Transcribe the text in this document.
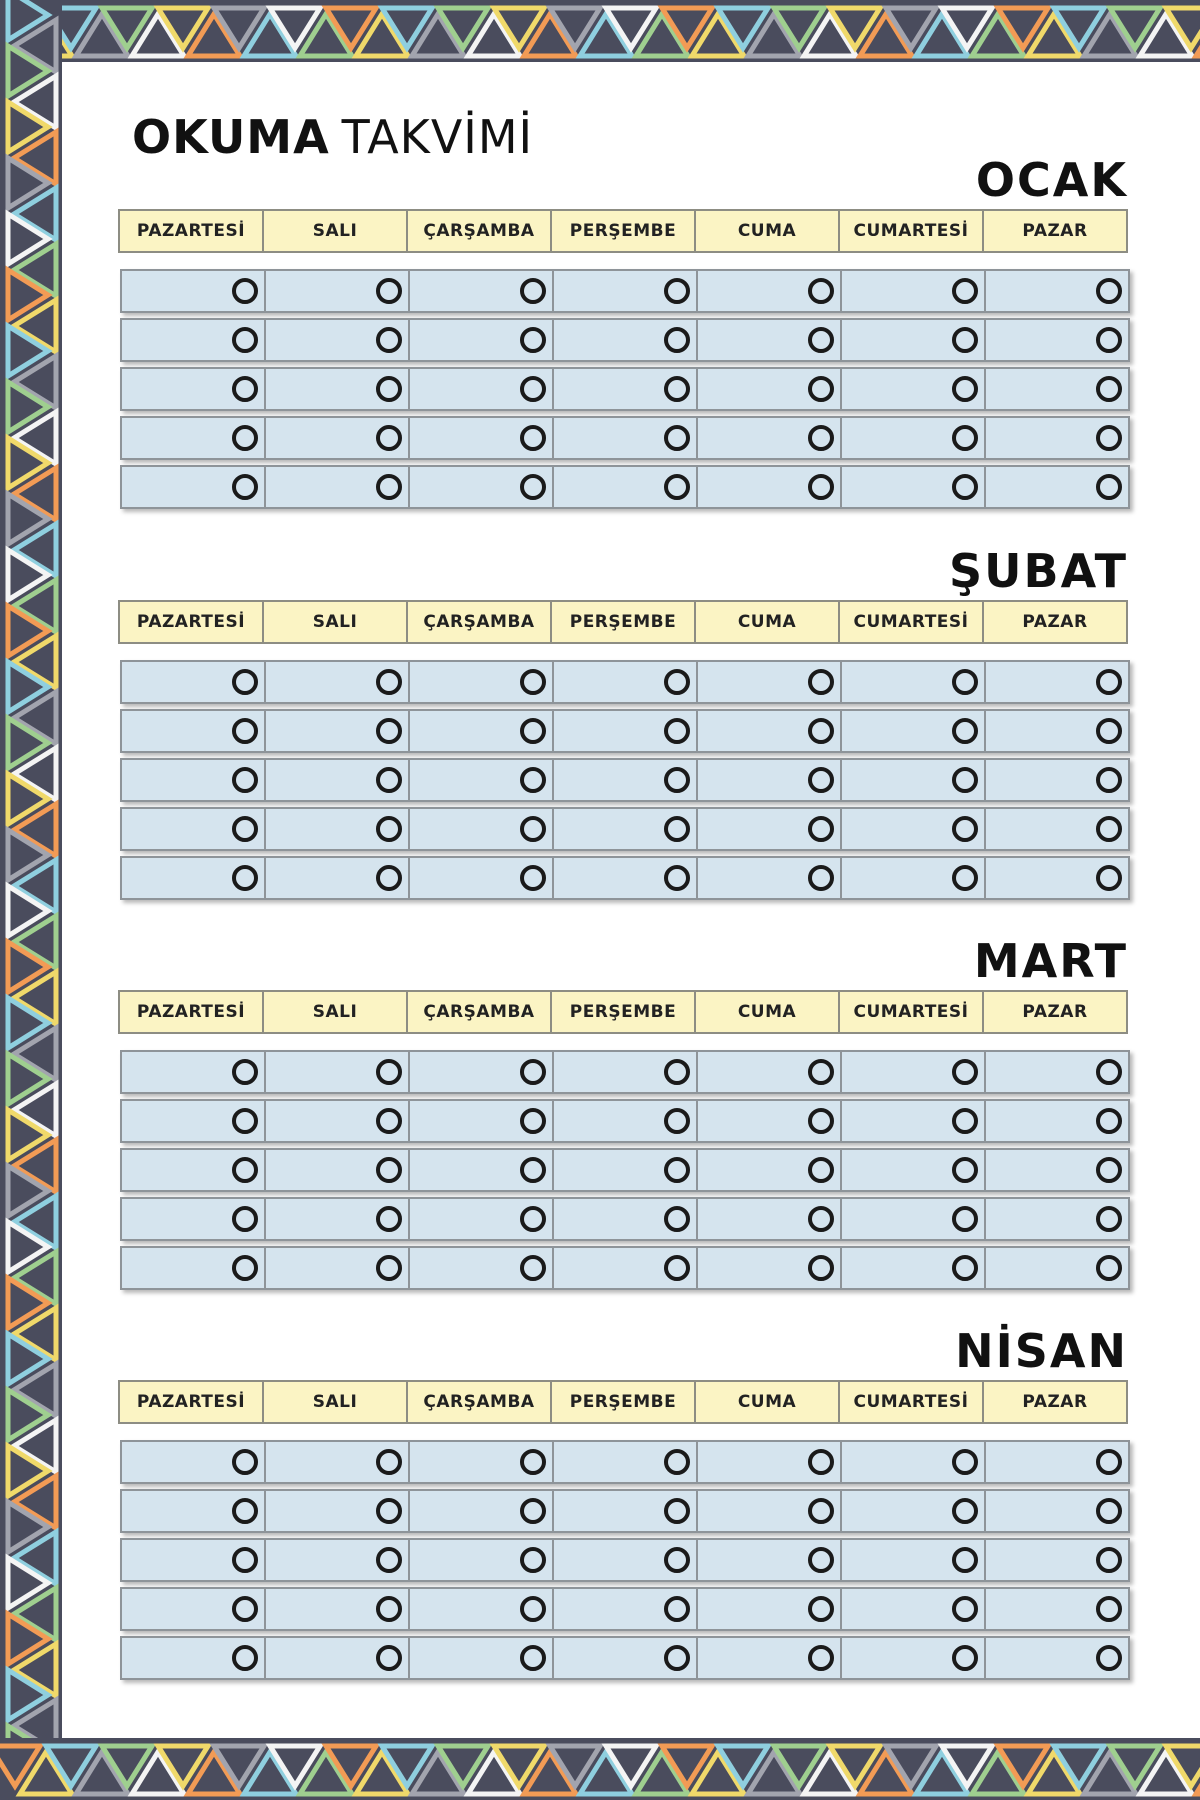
OKUMA TAKVİMİ
OCAK
PAZARTESİ	SALI	ÇARŞAMBA	PERŞEMBE	CUMA	CUMARTESİ	PAZAR
ŞUBAT
PAZARTESİ	SALI	ÇARŞAMBA	PERŞEMBE	CUMA	CUMARTESİ	PAZAR
MART
PAZARTESİ	SALI	ÇARŞAMBA	PERŞEMBE	CUMA	CUMARTESİ	PAZAR
NİSAN
PAZARTESİ	SALI	ÇARŞAMBA	PERŞEMBE	CUMA	CUMARTESİ	PAZAR
